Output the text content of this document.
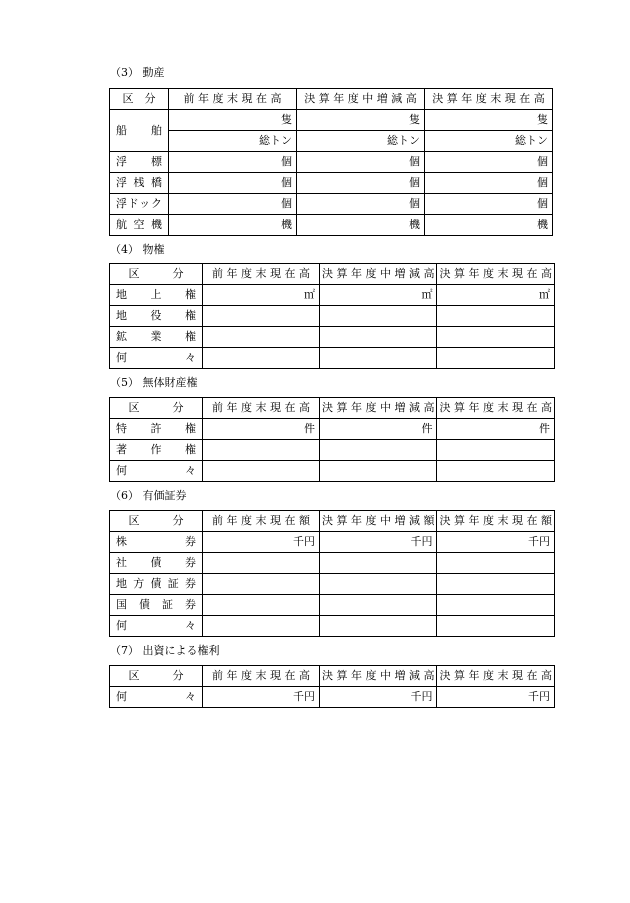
（3） 動産
区　分	前 年 度 末 現 在 高	決 算 年 度 中 増 減 高	決 算 年 度 末 現 在 高
船　舶	隻	隻	隻
	総トン	総トン	総トン
浮　標	個	個	個
浮 桟 橋	個	個	個
浮ドック	個	個	個
航 空 機	機	機	機
（4） 物権
区　　　分	前 年 度 末 現 在 高	決 算 年 度 中 増 減 高	決 算 年 度 末 現 在 高
地　上　権	㎡	㎡	㎡
地　役　権			
鉱　業　権			
何　　　々			
（5） 無体財産権
区　　　分	前 年 度 末 現 在 高	決 算 年 度 中 増 減 高	決 算 年 度 末 現 在 高
特　許　権	件	件	件
著　作　権			
何　　　々			
（6） 有価証券
区　　　分	前 年 度 末 現 在 額	決 算 年 度 中 増 減 額	決 算 年 度 末 現 在 額
株　　　券	千円	千円	千円
社　債　券			
地方債証券			
国 債 証 券			
何　　　々			
（7） 出資による権利
区　　　分	前 年 度 末 現 在 高	決 算 年 度 中 増 減 高	決 算 年 度 末 現 在 高
何　　　々	千円	千円	千円
